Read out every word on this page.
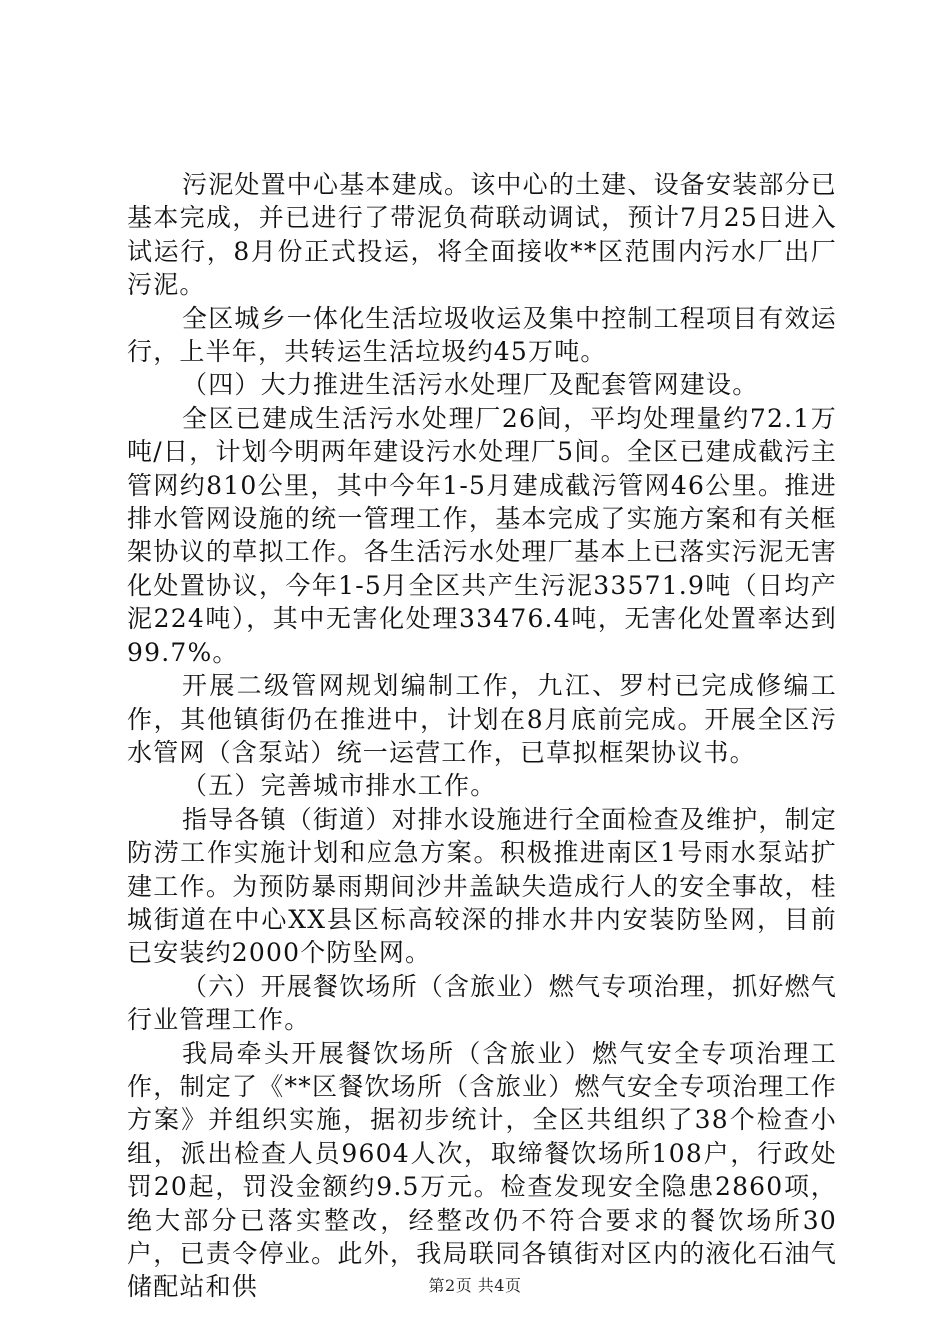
污泥处置中心基本建成。该中心的土建、设备安装部分已基本完成，并已进行了带泥负荷联动调试，预计7月25日进入试运行，8月份正式投运，将全面接收**区范围内污水厂出厂污泥。

全区城乡一体化生活垃圾收运及集中控制工程项目有效运行，上半年，共转运生活垃圾约45万吨。

（四）大力推进生活污水处理厂及配套管网建设。

全区已建成生活污水处理厂26间，平均处理量约72.1万吨/日，计划今明两年建设污水处理厂5间。全区已建成截污主管网约810公里，其中今年1-5月建成截污管网46公里。推进排水管网设施的统一管理工作，基本完成了实施方案和有关框架协议的草拟工作。各生活污水处理厂基本上已落实污泥无害化处置协议，今年1-5月全区共产生污泥33571.9吨（日均产泥224吨），其中无害化处理33476.4吨，无害化处置率达到99.7%。

开展二级管网规划编制工作，九江、罗村已完成修编工作，其他镇街仍在推进中，计划在8月底前完成。开展全区污水管网（含泵站）统一运营工作，已草拟框架协议书。

（五）完善城市排水工作。

指导各镇（街道）对排水设施进行全面检查及维护，制定防涝工作实施计划和应急方案。积极推进南区1号雨水泵站扩建工作。为预防暴雨期间沙井盖缺失造成行人的安全事故，桂城街道在中心XX县区标高较深的排水井内安装防坠网，目前已安装约2000个防坠网。

（六）开展餐饮场所（含旅业）燃气专项治理，抓好燃气行业管理工作。

我局牵头开展餐饮场所（含旅业）燃气安全专项治理工作，制定了《**区餐饮场所（含旅业）燃气安全专项治理工作方案》并组织实施，据初步统计，全区共组织了38个检查小组，派出检查人员9604人次，取缔餐饮场所108户，行政处罚20起，罚没金额约9.5万元。检查发现安全隐患2860项，绝大部分已落实整改，经整改仍不符合要求的餐饮场所30户，已责令停业。此外，我局联同各镇街对区内的液化石油气储配站和供	第2页 共4页
